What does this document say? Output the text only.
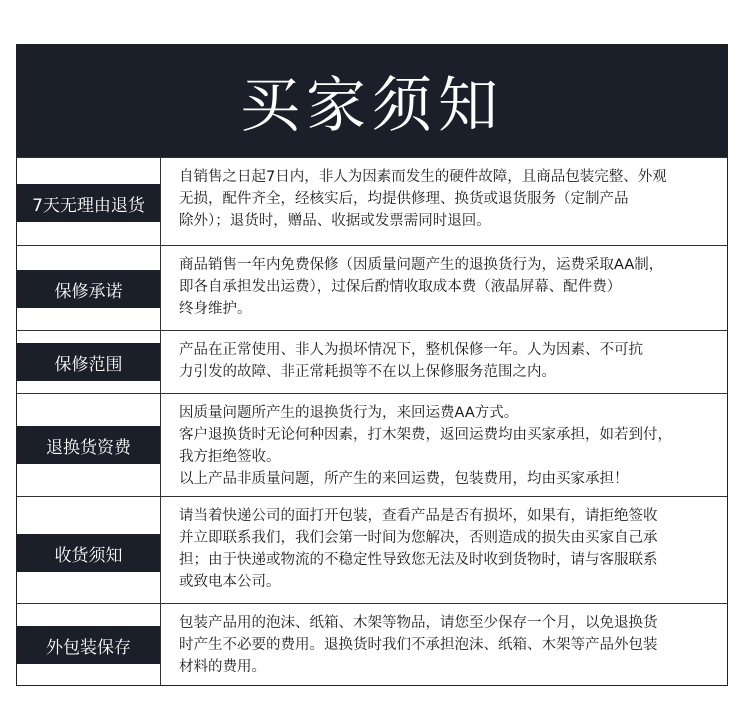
买家须知
7天无理由退货
自销售之日起7日内，非人为因素而发生的硬件故障，且商品包装完整、外观
无损，配件齐全，经核实后，均提供修理、换货或退货服务（定制产品
除外）；退货时，赠品、收据或发票需同时退回。
保修承诺
商品销售一年内免费保修（因质量问题产生的退换货行为，运费采取AA制，
即各自承担发出运费），过保后酌情收取成本费（液晶屏幕、配件费）
终身维护。
保修范围
产品在正常使用、非人为损坏情况下，整机保修一年。人为因素、不可抗
力引发的故障、非正常耗损等不在以上保修服务范围之内。
退换货资费
因质量问题所产生的退换货行为，来回运费AA方式。
客户退换货时无论何种因素，打木架费，返回运费均由买家承担，如若到付，
我方拒绝签收。
以上产品非质量问题，所产生的来回运费，包装费用，均由买家承担！
收货须知
请当着快递公司的面打开包装，查看产品是否有损坏，如果有，请拒绝签收
并立即联系我们，我们会第一时间为您解决，否则造成的损失由买家自己承
担；由于快递或物流的不稳定性导致您无法及时收到货物时，请与客服联系
或致电本公司。
外包装保存
包装产品用的泡沫、纸箱、木架等物品，请您至少保存一个月，以免退换货
时产生不必要的费用。退换货时我们不承担泡沫、纸箱、木架等产品外包装
材料的费用。
